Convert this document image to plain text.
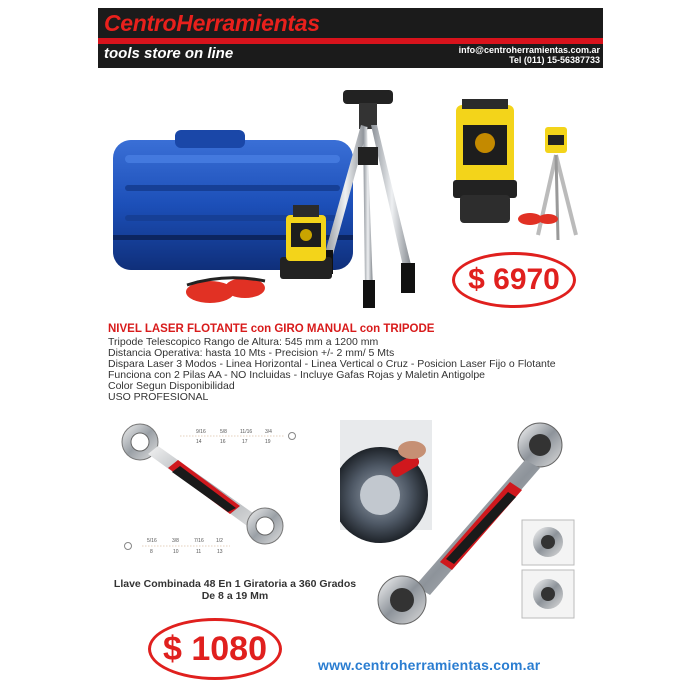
CentroHerramientas
tools store on line	info@centroherramientas.com.ar
Tel (011) 15-56387733
$ 6970
NIVEL LASER FLOTANTE con GIRO MANUAL con TRIPODE
Tripode Telescopico Rango de Altura: 545 mm a 1200 mm
Distancia Operativa: hasta 10 Mts - Precision +/- 2 mm/ 5 Mts
Dispara Laser 3 Modos - Linea Horizontal - Linea Vertical o Cruz - Posicion Laser Fijo o Flotante
Funciona con 2 Pilas AA - NO Incluidas - Incluye Gafas Rojas y Maletin Antigolpe
Color Segun Disponibilidad
USO PROFESIONAL
9/16
14
5/8
16
11/16
17
3/4
19
5/16
8
3/8
10
7/16
11
1/2
13
Llave Combinada 48 En 1 Giratoria a 360 Grados
De 8 a 19 Mm
$ 1080	www.centroherramientas.com.ar
